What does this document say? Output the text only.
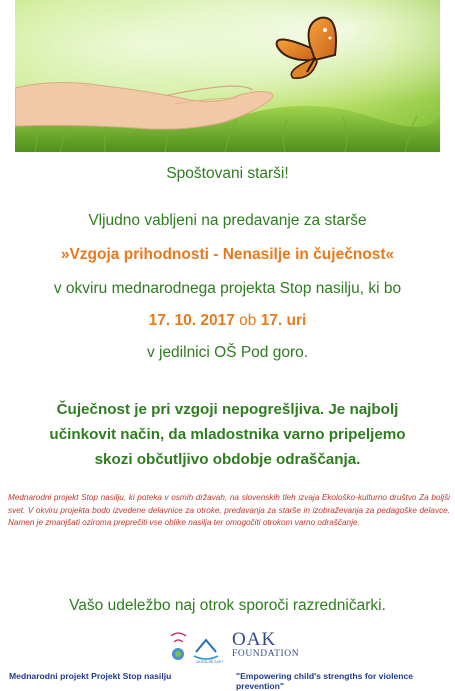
Spoštovani starši!
Vljudno vabljeni na predavanje za starše
»Vzgoja prihodnosti - Nenasilje in čuječnost«
v okviru mednarodnega projekta Stop nasilju, ki bo
17. 10. 2017 ob 17. uri
v jedilnici OŠ Pod goro.
Čuječnost je pri vzgoji nepogrešljiva. Je najbolj
učinkovit način, da mladostnika varno pripeljemo
skozi občutljivo obdobje odraščanja.
Mednarodni projekt Stop nasilju, ki poteka v osmih državah, na slovenskih tleh izvaja Ekološko-kulturno društvo Za boljši svet. V okviru projekta bodo izvedene delavnice za otroke, predavanja za starše in izobraževanja za pedagoške delavce. Namen je zmanjšati oziroma preprečiti vse oblike nasilja ter omogočiti otrokom varno odraščanje.
Vašo udeležbo naj otrok sporoči razredničarki.
ZA BOLJŠI SVET
OAK
FOUNDATION
Mednarodni projekt Projekt Stop nasilju	"Empowering child's strengths for violence prevention"
